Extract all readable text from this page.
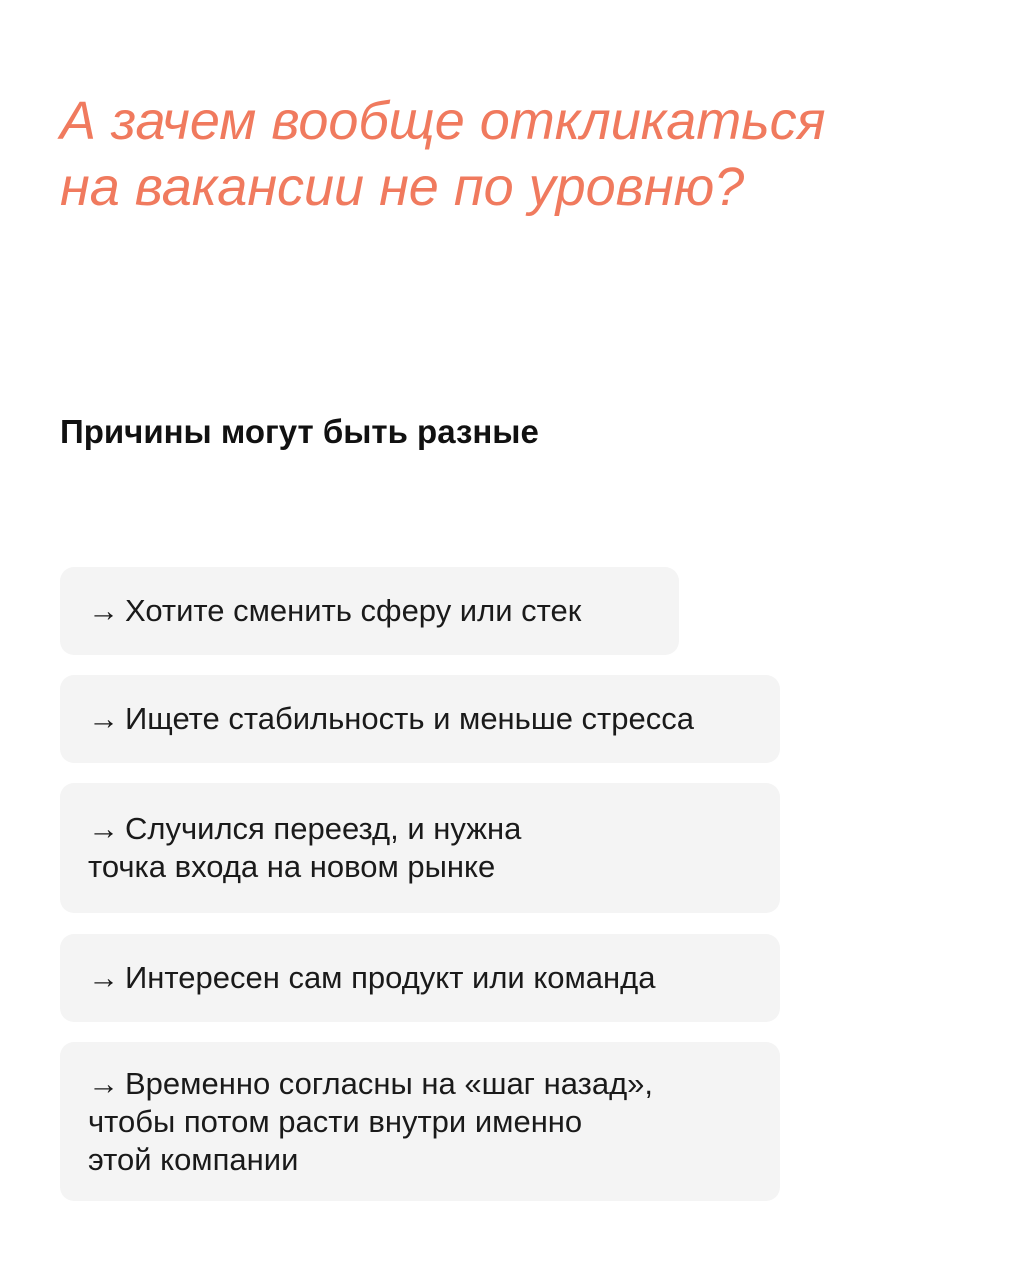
А зачем вообще откликаться
на вакансии не по уровню?
Причины могут быть разные
→ Хотите сменить сферу или стек
→ Ищете стабильность и меньше стресса
→ Случился переезд, и нужна
точка входа на новом рынке
→ Интересен сам продукт или команда
→ Временно согласны на «шаг назад»,
чтобы потом расти внутри именно
этой компании
